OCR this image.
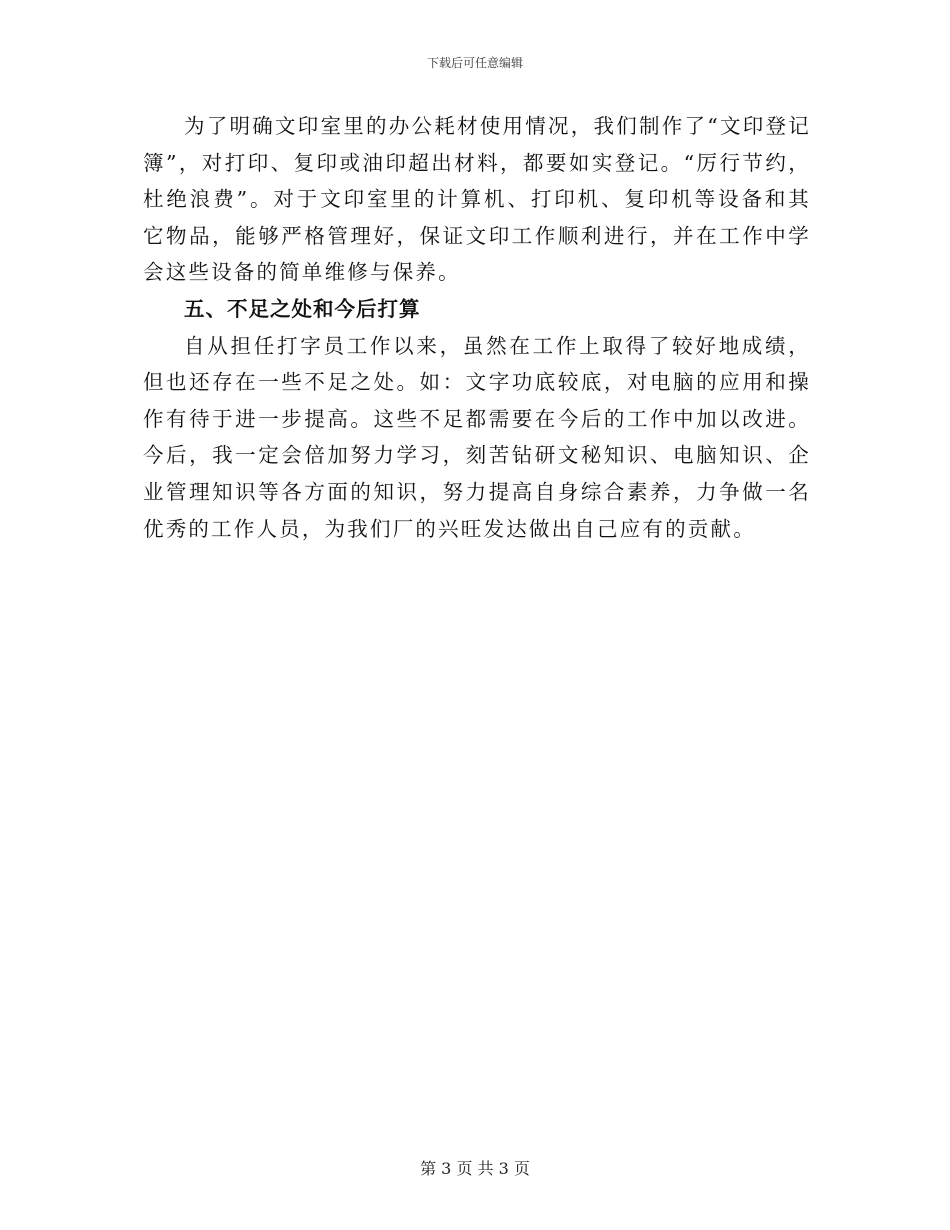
下载后可任意编辑

为了明确文印室里的办公耗材使用情况，我们制作了“文印登记簿”，对打印、复印或油印超出材料，都要如实登记。“厉行节约，杜绝浪费”。对于文印室里的计算机、打印机、复印机等设备和其它物品，能够严格管理好，保证文印工作顺利进行，并在工作中学会这些设备的简单维修与保养。

五、不足之处和今后打算

自从担任打字员工作以来，虽然在工作上取得了较好地成绩，但也还存在一些不足之处。如：文字功底较底，对电脑的应用和操作有待于进一步提高。这些不足都需要在今后的工作中加以改进。今后，我一定会倍加努力学习，刻苦钻研文秘知识、电脑知识、企业管理知识等各方面的知识，努力提高自身综合素养，力争做一名优秀的工作人员，为我们厂的兴旺发达做出自己应有的贡献。

第 3 页 共 3 页
